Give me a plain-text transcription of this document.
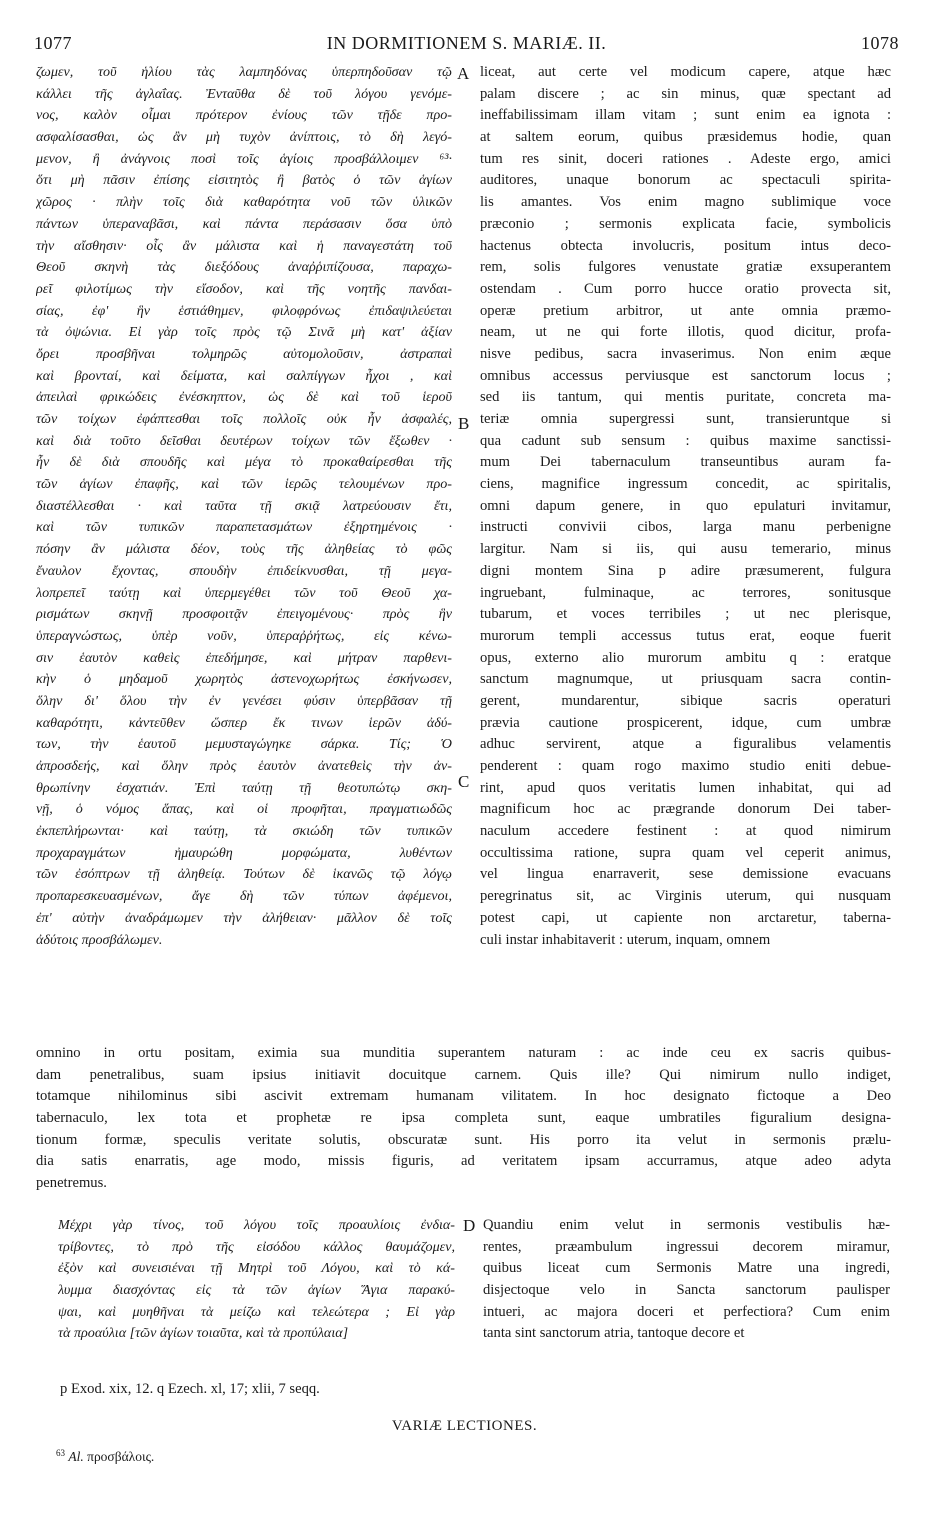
1077	IN DORMITIONEM S. MARIÆ. II.	1078
ζωμεν, τοῦ ἡλίου τὰς λαμπηδόνας ὑπερπηδοῦσαν τῷ
κάλλει τῆς ἀγλαΐας. Ἐνταῦθα δὲ τοῦ λόγου γενόμε-
νος, καλὸν οἶμαι πρότερον ἐνίους τῶν τῇδε προ-
ασφαλίσασθαι, ὡς ἂν μὴ τυχὸν ἀνίπτοις, τὸ δὴ λεγό-
μενον, ἢ ἀνάγνοις ποσὶ τοῖς ἁγίοις προσβάλλοιμεν ⁶³·
ὅτι μὴ πᾶσιν ἐπίσης εἰσιτητὸς ἢ βατὸς ὁ τῶν ἁγίων
χῶρος · πλὴν τοῖς διὰ καθαρότητα νοῦ τῶν ὑλικῶν
πάντων ὑπεραναβᾶσι, καὶ πάντα περάσασιν ὅσα ὑπὸ
τὴν αἴσθησιν· οἷς ἂν μάλιστα καὶ ἡ παναγεστάτη τοῦ
Θεοῦ σκηνὴ τὰς διεξόδους ἀναῤῥιπίζουσα, παραχω-
ρεῖ φιλοτίμως τὴν εἴσοδον, καὶ τῆς νοητῆς πανδαι-
σίας, ἐφ' ἣν ἑστιάθημεν, φιλοφρόνως ἐπιδαψιλεύεται
τὰ ὀψώνια. Εἰ γὰρ τοῖς πρὸς τῷ Σινᾶ μὴ κατ' ἀξίαν
ὄρει προσβῆναι τολμηρῶς αὐτομολοῦσιν, ἀστραπαὶ
καὶ βρονταί, καὶ δείματα, καὶ σαλπίγγων ἦχοι , καὶ
ἀπειλαὶ φρικώδεις ἐνέσκηπτον, ὡς δὲ καὶ τοῦ ἱεροῦ
τῶν τοίχων ἐφάπτεσθαι τοῖς πολλοῖς οὐκ ἦν ἀσφαλές,
καὶ διὰ τοῦτο δεῖσθαι δευτέρων τοίχων τῶν ἔξωθεν ·
ἦν δὲ διὰ σπουδῆς καὶ μέγα τὸ προκαθαίρεσθαι τῆς
τῶν ἁγίων ἐπαφῆς, καὶ τῶν ἱερῶς τελουμένων προ-
διαστέλλεσθαι · καὶ ταῦτα τῇ σκιᾷ λατρεύουσιν ἔτι,
καὶ τῶν τυπικῶν παραπετασμάτων ἐξηρτημένοις ·
πόσην ἂν μάλιστα δέον, τοὺς τῆς ἀληθείας τὸ φῶς
ἔναυλον ἔχοντας, σπουδὴν ἐπιδείκνυσθαι, τῇ μεγα-
λοπρεπεῖ ταύτῃ καὶ ὑπερμεγέθει τῶν τοῦ Θεοῦ χα-
ρισμάτων σκηνῇ προσφοιτᾷν ἐπειγομένους· πρὸς ἣν
ὑπεραγνώστως, ὑπὲρ νοῦν, ὑπεραῤῥήτως, εἰς κένω-
σιν ἑαυτὸν καθεὶς ἐπεδήμησε, καὶ μήτραν παρθενι-
κὴν ὁ μηδαμοῦ χωρητὸς ἀστενοχωρήτως ἐσκήνωσεν,
ὅλην δι' ὅλου τὴν ἐν γενέσει φύσιν ὑπερβᾶσαν τῇ
καθαρότητι, κἀντεῦθεν ὥσπερ ἔκ τινων ἱερῶν ἀδύ-
των, τὴν ἑαυτοῦ μεμυσταγώγηκε σάρκα. Τίς; Ὁ
ἀπροσδεής, καὶ ὅλην πρὸς ἑαυτὸν ἀνατεθεὶς τὴν ἀν-
θρωπίνην ἐσχατιάν. Ἐπὶ ταύτῃ τῇ θεοτυπώτῳ σκη-
νῇ, ὁ νόμος ἅπας, καὶ οἱ προφῆται, πραγματιωδῶς
ἐκπεπλήρωνται· καὶ ταύτῃ, τὰ σκιώδη τῶν τυπικῶν
προχαραγμάτων ἠμαυρώθη μορφώματα, λυθέντων
τῶν ἐσόπτρων τῇ ἀληθείᾳ. Τούτων δὲ ἱκανῶς τῷ λόγῳ
προπαρεσκευασμένων, ἄγε δὴ τῶν τύπων ἀφέμενοι,
ἐπ' αὐτὴν ἀναδράμωμεν τὴν ἀλήθειαν· μᾶλλον δὲ τοῖς
ἀδύτοις προσβάλωμεν.
liceat, aut certe vel modicum capere, atque hæc
palam discere ; ac sin minus, quæ spectant ad
ineffabilissimam illam vitam ; sunt enim ea ignota :
at saltem eorum, quibus præsidemus hodie, quan
tum res sinit, doceri rationes . Adeste ergo, amici
auditores, unaque bonorum ac spectaculi spirita-
lis amantes. Vos enim magno sublimique voce
præconio ; sermonis explicata facie, symbolicis
hactenus obtecta involucris, positum intus deco-
rem, solis fulgores venustate gratiæ exsuperantem
ostendam . Cum porro hucce oratio provecta sit,
operæ pretium arbitror, ut ante omnia præmo-
neam, ut ne qui forte illotis, quod dicitur, profa-
nisve pedibus, sacra invaserimus. Non enim æque
omnibus accessus perviusque est sanctorum locus ;
sed iis tantum, qui mentis puritate, concreta ma-
teriæ omnia supergressi sunt, transieruntque si
qua cadunt sub sensum : quibus maxime sanctissi-
mum Dei tabernaculum transeuntibus auram fa-
ciens, magnifice ingressum concedit, ac spiritalis,
omni dapum genere, in quo epulaturi invitamur,
instructi convivii cibos, larga manu perbenigne
largitur. Nam si iis, qui ausu temerario, minus
digni montem Sina p adire præsumerent, fulgura
ingruebant, fulminaque, ac terrores, sonitusque
tubarum, et voces terribiles ; ut nec plerisque,
murorum templi accessus tutus erat, eoque fuerit
opus, externo alio murorum ambitu q : eratque
sanctum magnumque, ut priusquam sacra contin-
gerent, mundarentur, sibique sacris operaturi
prævia cautione prospicerent, idque, cum umbræ
adhuc servirent, atque a figuralibus velamentis
penderent : quam rogo maximo studio eniti debue-
rint, apud quos veritatis lumen inhabitat, qui ad
magnificum hoc ac prægrande donorum Dei taber-
naculum accedere festinent : at quod nimirum
occultissima ratione, supra quam vel ceperit animus,
vel lingua enarraverit, sese demissione evacuans
peregrinatus sit, ac Virginis uterum, qui nusquam
potest capi, ut capiente non arctaretur, taberna-
culi instar inhabitaverit : uterum, inquam, omnem
omnino in ortu positam, eximia sua munditia superantem naturam : ac inde ceu ex sacris quibus-
dam penetralibus, suam ipsius initiavit docuitque carnem. Quis ille? Qui nimirum nullo indiget,
totamque nihilominus sibi ascivit extremam humanam vilitatem. In hoc designato fictoque a Deo
tabernaculo, lex tota et prophetæ re ipsa completa sunt, eaque umbratiles figuralium designa-
tionum formæ, speculis veritate solutis, obscuratæ sunt. His porro ita velut in sermonis prælu-
dia satis enarratis, age modo, missis figuris, ad veritatem ipsam accurramus, atque adeo adyta
penetremus.
Μέχρι γὰρ τίνος, τοῦ λόγου τοῖς προαυλίοις ἐνδια-
τρίβοντες, τὸ πρὸ τῆς εἰσόδου κάλλος θαυμάζομεν,
ἐξὸν καὶ συνεισιέναι τῇ Μητρὶ τοῦ Λόγου, καὶ τὸ κά-
λυμμα διασχόντας εἰς τὰ τῶν ἁγίων Ἅγια παρακύ-
ψαι, καὶ μυηθῆναι τὰ μείζω καὶ τελεώτερα ; Εἰ γὰρ
τὰ προαύλια [τῶν ἁγίων τοιαῦτα, καὶ τὰ προπύλαια]
Quandiu enim velut in sermonis vestibulis hæ-
rentes, præambulum ingressui decorem miramur,
quibus liceat cum Sermonis Matre una ingredi,
disjectoque velo in Sancta sanctorum paulisper
intueri, ac majora doceri et perfectiora? Cum enim
tanta sint sanctorum atria, tantoque decore et
A
B
C
D
p Exod. xix, 12. q Ezech. xl, 17; xlii, 7 seqq.
VARIÆ LECTIONES.
$^{63}$ Al. προσβάλοις.
